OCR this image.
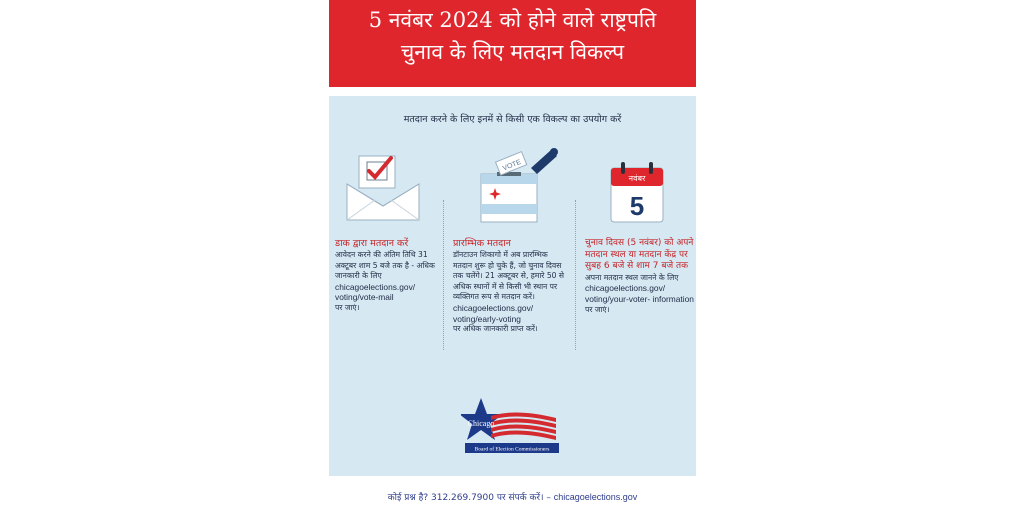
5 नवंबर 2024 को होने वाले राष्ट्रपति
चुनाव के लिए मतदान विकल्प
मतदान करने के लिए इनमें से किसी एक विकल्प का उपयोग करें
VOTE
नवंबर
5
डाक द्वारा मतदान करें
आवेदन करने की अंतिम तिथि 31 अक्टूबर शाम 5 बजे तक है - अधिक जानकारी के लिए
chicagoelections.gov/ voting/vote-mail
पर जाएं।
प्रारम्भिक मतदान
डॉनटाउन शिकागो में अब प्रारम्भिक मतदान शुरू हो चुके हैं, जो चुनाव दिवस तक चलेंगे। 21 अक्टूबर से, हमारे 50 से अधिक स्थानों में से किसी भी स्थान पर व्यक्तिगत रूप से मतदान करें।
chicagoelections.gov/ voting/early-voting
पर अधिक जानकारी प्राप्त करें।
चुनाव दिवस (5 नवंबर) को अपने मतदान स्थल या मतदान केंद्र पर सुबह 6 बजे से शाम 7 बजे तक
अपना मतदान स्थल जानने के लिए
chicagoelections.gov/ voting/your-voter- information
पर जाएं।
Chicago
Board of Election Commissioners
कोई प्रश्न है? 312.269.7900 पर संपर्क करें। – chicagoelections.gov
